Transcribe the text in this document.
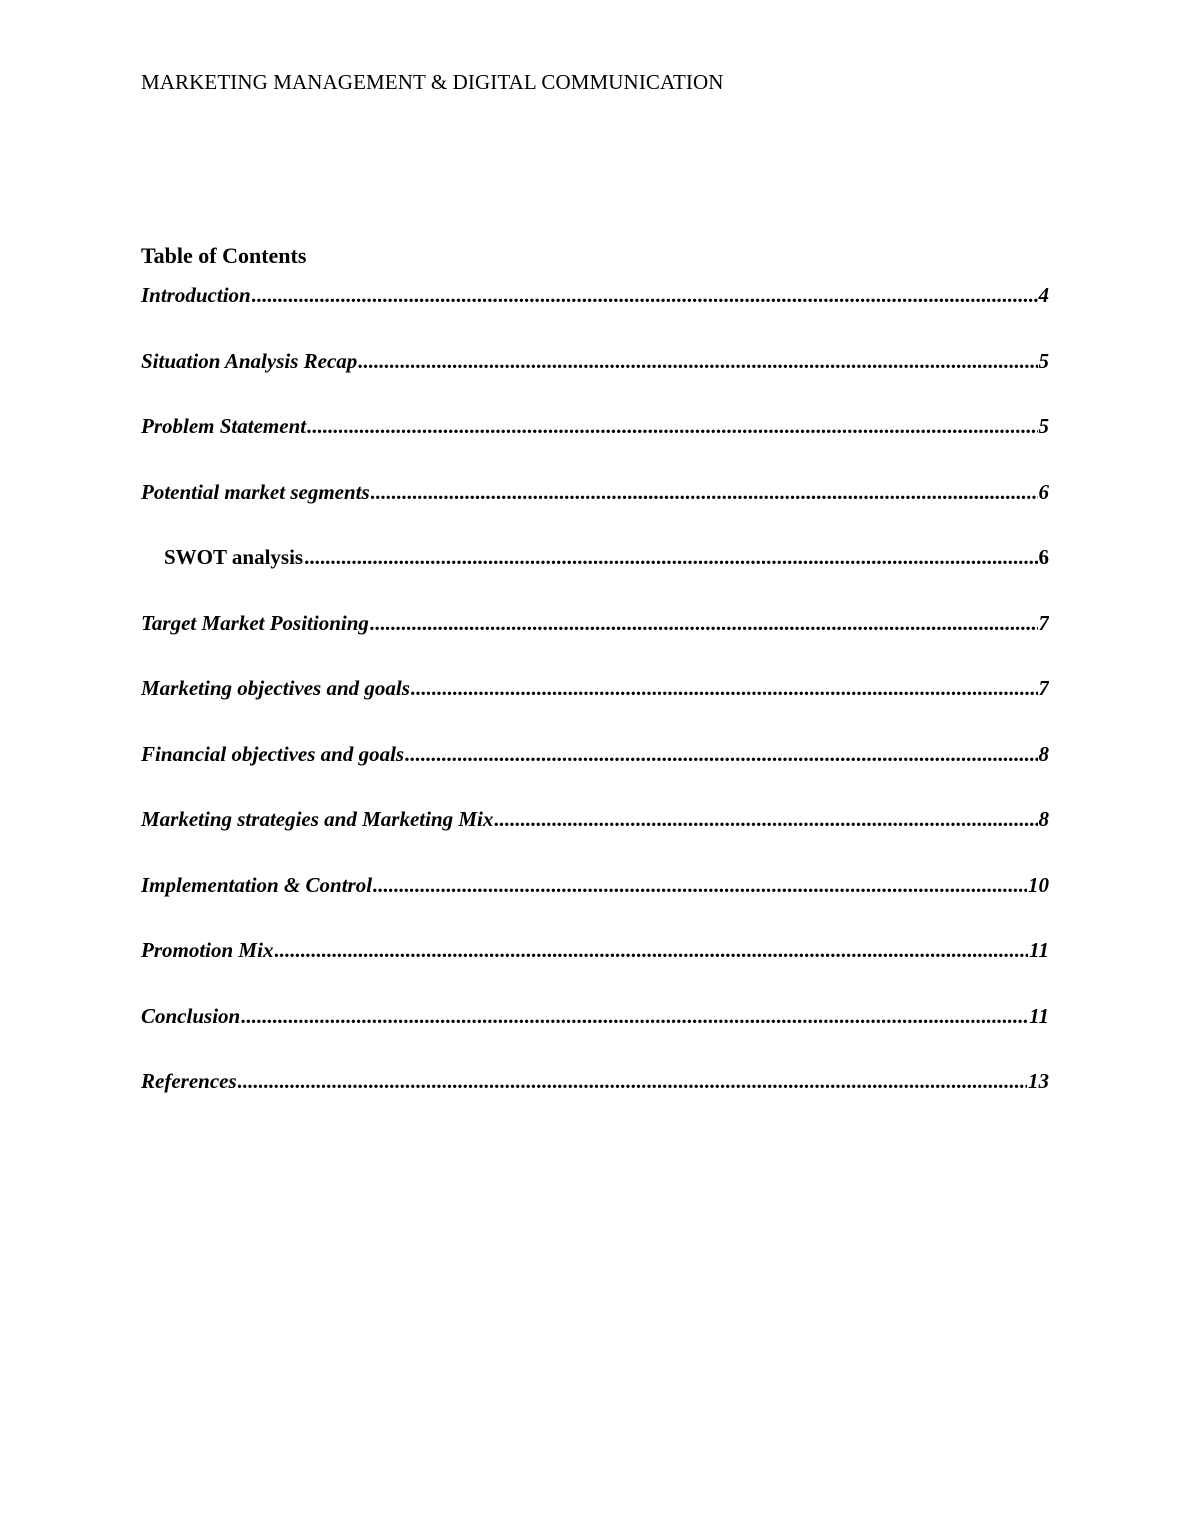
MARKETING MANAGEMENT & DIGITAL COMMUNICATION
Table of Contents
Introduction .....	4
Situation Analysis Recap .....	5
Problem Statement .....	5
Potential market segments .....	6
SWOT analysis .....	6
Target Market Positioning .....	7
Marketing objectives and goals .....	7
Financial objectives and goals .....	8
Marketing strategies and Marketing Mix .....	8
Implementation & Control .....	10
Promotion Mix .....	11
Conclusion .....	11
References .....	13
